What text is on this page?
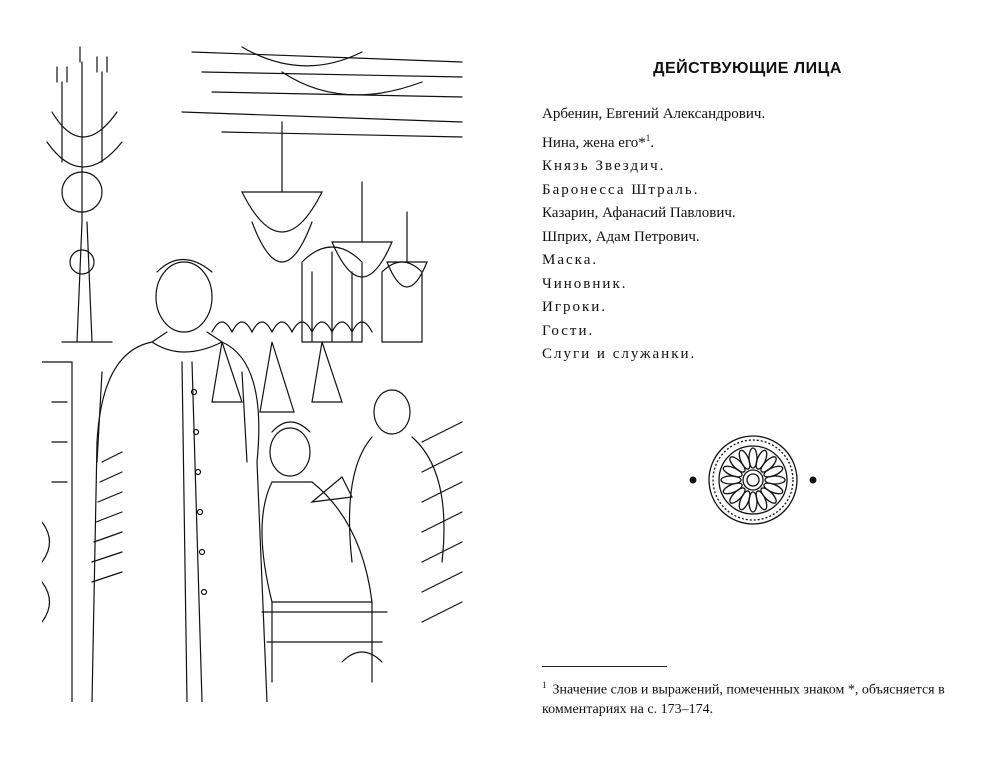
ДЕЙСТВУЮЩИЕ ЛИЦА
Арбенин, Евгений Александрович.
Нина, жена его*$^1$.
Князь Звездич.
Баронесса Штраль.
Казарин, Афанасий Павлович.
Шприх, Адам Петрович.
Маска.
Чиновник.
Игроки.
Гости.
Слуги и служанки.
$^1$ Значение слов и выражений, помеченных знаком *, объясняется в комментариях на с. 173–174.
